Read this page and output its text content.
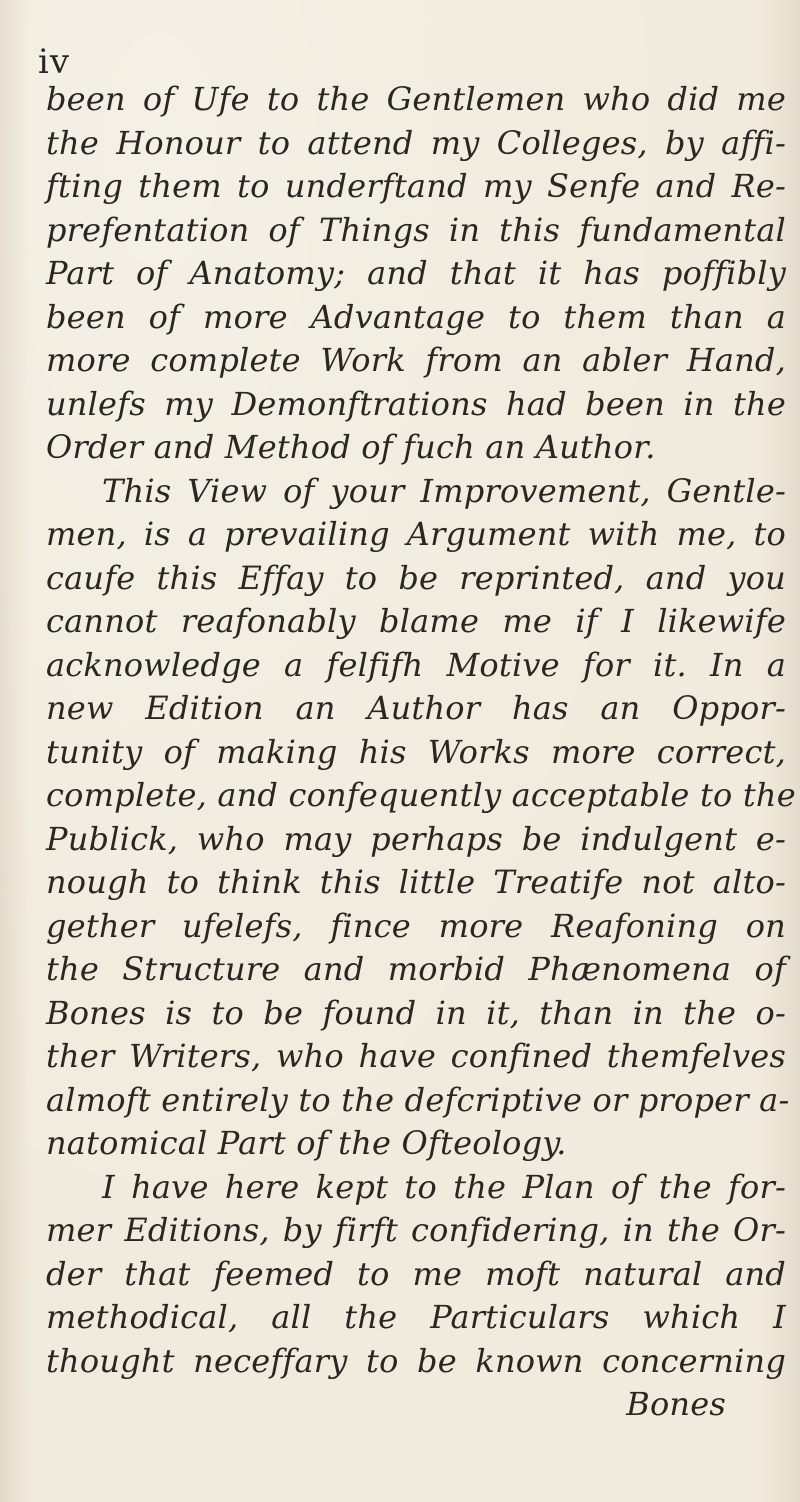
iv
been of Ufe to the Gentlemen who did me
the Honour to attend my Colleges, by affi-
fting them to underftand my Senfe and Re-
prefentation of Things in this fundamental
Part of Anatomy; and that it has poffibly
been of more Advantage to them than a
more complete Work from an abler Hand,
unlefs my Demonftrations had been in the
Order and Method of fuch an Author.
This View of your Improvement, Gentle-
men, is a prevailing Argument with me, to
caufe this Effay to be reprinted, and you
cannot reafonably blame me if I likewife
acknowledge a felfifh Motive for it. In a
new Edition an Author has an Oppor-
tunity of making his Works more correct,
complete, and confequently acceptable to the
Publick, who may perhaps be indulgent e-
nough to think this little Treatife not alto-
gether ufelefs, fince more Reafoning on
the Structure and morbid Phænomena of
Bones is to be found in it, than in the o-
ther Writers, who have confined themfelves
almoft entirely to the defcriptive or proper a-
natomical Part of the Ofteology.
I have here kept to the Plan of the for-
mer Editions, by firft confidering, in the Or-
der that feemed to me moft natural and
methodical, all the Particulars which I
thought neceffary to be known concerning
Bones
